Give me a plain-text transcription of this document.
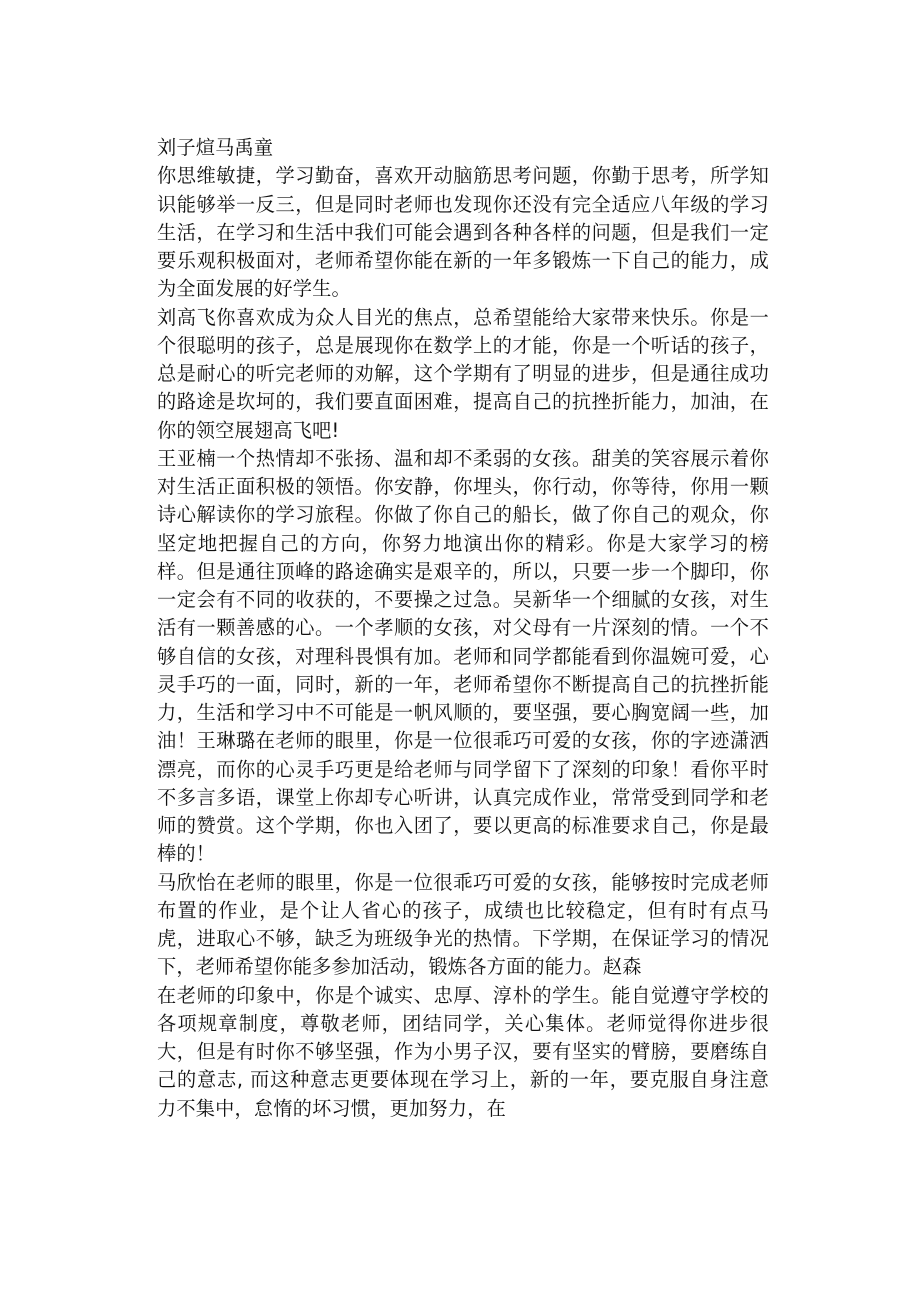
刘子煊马禹童

你思维敏捷，学习勤奋，喜欢开动脑筋思考问题，你勤于思考，所学知识能够举一反三，但是同时老师也发现你还没有完全适应八年级的学习生活，在学习和生活中我们可能会遇到各种各样的问题，但是我们一定要乐观积极面对，老师希望你能在新的一年多锻炼一下自己的能力，成为全面发展的好学生。

刘高飞你喜欢成为众人目光的焦点，总希望能给大家带来快乐。你是一个很聪明的孩子，总是展现你在数学上的才能，你是一个听话的孩子，总是耐心的听完老师的劝解，这个学期有了明显的进步，但是通往成功的路途是坎坷的，我们要直面困难，提高自己的抗挫折能力，加油，在你的领空展翅高飞吧!

王亚楠一个热情却不张扬、温和却不柔弱的女孩。甜美的笑容展示着你对生活正面积极的领悟。你安静，你埋头，你行动，你等待，你用一颗诗心解读你的学习旅程。你做了你自己的船长，做了你自己的观众，你坚定地把握自己的方向，你努力地演出你的精彩。你是大家学习的榜样。但是通往顶峰的路途确实是艰辛的，所以，只要一步一个脚印，你一定会有不同的收获的，不要操之过急。吴新华一个细腻的女孩，对生活有一颗善感的心。一个孝顺的女孩，对父母有一片深刻的情。一个不够自信的女孩，对理科畏惧有加。老师和同学都能看到你温婉可爱，心灵手巧的一面，同时，新的一年，老师希望你不断提高自己的抗挫折能力，生活和学习中不可能是一帆风顺的，要坚强，要心胸宽阔一些，加油！王琳璐在老师的眼里，你是一位很乖巧可爱的女孩，你的字迹潇洒漂亮，而你的心灵手巧更是给老师与同学留下了深刻的印象！看你平时不多言多语，课堂上你却专心听讲，认真完成作业，常常受到同学和老师的赞赏。这个学期，你也入团了，要以更高的标准要求自己，你是最棒的！

马欣怡在老师的眼里，你是一位很乖巧可爱的女孩，能够按时完成老师布置的作业，是个让人省心的孩子，成绩也比较稳定，但有时有点马虎，进取心不够，缺乏为班级争光的热情。下学期，在保证学习的情况下，老师希望你能多参加活动，锻炼各方面的能力。赵森

在老师的印象中，你是个诚实、忠厚、淳朴的学生。能自觉遵守学校的各项规章制度，尊敬老师，团结同学，关心集体。老师觉得你进步很大，但是有时你不够坚强，作为小男子汉，要有坚实的臂膀，要磨练自己的意志, 而这种意志更要体现在学习上，新的一年，要克服自身注意力不集中，怠惰的坏习惯，更加努力，在
